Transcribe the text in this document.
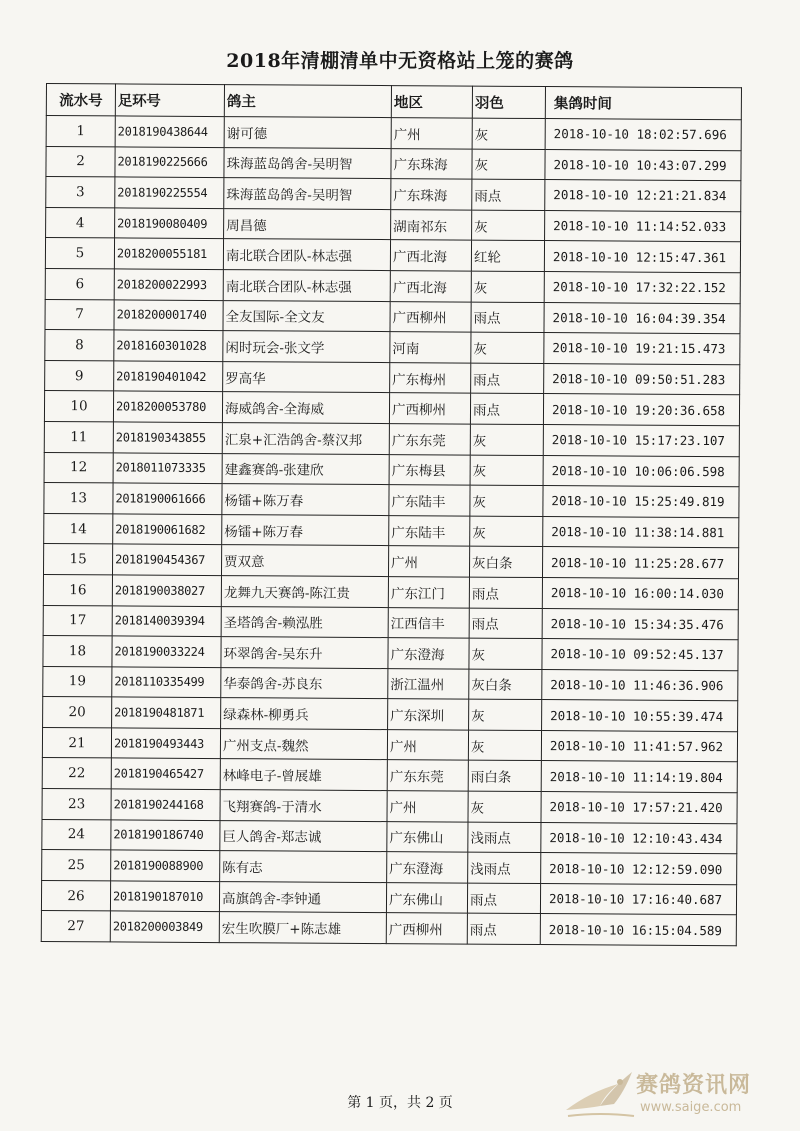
2018年清棚清单中无资格站上笼的赛鸽
流水号	足环号	鸽主	地区	羽色	集鸽时间
1	2018190438644	谢可德	广州	灰	2018-10-10 18:02:57.696
2	2018190225666	珠海蓝岛鸽舍-吴明智	广东珠海	灰	2018-10-10 10:43:07.299
3	2018190225554	珠海蓝岛鸽舍-吴明智	广东珠海	雨点	2018-10-10 12:21:21.834
4	2018190080409	周昌德	湖南祁东	灰	2018-10-10 11:14:52.033
5	2018200055181	南北联合团队-林志强	广西北海	红轮	2018-10-10 12:15:47.361
6	2018200022993	南北联合团队-林志强	广西北海	灰	2018-10-10 17:32:22.152
7	2018200001740	全友国际-全文友	广西柳州	雨点	2018-10-10 16:04:39.354
8	2018160301028	闲时玩会-张文学	河南	灰	2018-10-10 19:21:15.473
9	2018190401042	罗高华	广东梅州	雨点	2018-10-10 09:50:51.283
10	2018200053780	海威鸽舍-全海威	广西柳州	雨点	2018-10-10 19:20:36.658
11	2018190343855	汇泉+汇浩鸽舍-蔡汉邦	广东东莞	灰	2018-10-10 15:17:23.107
12	2018011073335	建鑫赛鸽-张建欣	广东梅县	灰	2018-10-10 10:06:06.598
13	2018190061666	杨镭+陈万春	广东陆丰	灰	2018-10-10 15:25:49.819
14	2018190061682	杨镭+陈万春	广东陆丰	灰	2018-10-10 11:38:14.881
15	2018190454367	贾双意	广州	灰白条	2018-10-10 11:25:28.677
16	2018190038027	龙舞九天赛鸽-陈江贵	广东江门	雨点	2018-10-10 16:00:14.030
17	2018140039394	圣塔鸽舍-赖泓胜	江西信丰	雨点	2018-10-10 15:34:35.476
18	2018190033224	环翠鸽舍-吴东升	广东澄海	灰	2018-10-10 09:52:45.137
19	2018110335499	华泰鸽舍-苏良东	浙江温州	灰白条	2018-10-10 11:46:36.906
20	2018190481871	绿森林-柳勇兵	广东深圳	灰	2018-10-10 10:55:39.474
21	2018190493443	广州支点-魏然	广州	灰	2018-10-10 11:41:57.962
22	2018190465427	林峰电子-曾展雄	广东东莞	雨白条	2018-10-10 11:14:19.804
23	2018190244168	飞翔赛鸽-于清水	广州	灰	2018-10-10 17:57:21.420
24	2018190186740	巨人鸽舍-郑志诚	广东佛山	浅雨点	2018-10-10 12:10:43.434
25	2018190088900	陈有志	广东澄海	浅雨点	2018-10-10 12:12:59.090
26	2018190187010	高旗鸽舍-李钟通	广东佛山	雨点	2018-10-10 17:16:40.687
27	2018200003849	宏生吹膜厂+陈志雄	广西柳州	雨点	2018-10-10 16:15:04.589
第 1 页，共 2 页
赛鸽资讯网
www.saige.com
